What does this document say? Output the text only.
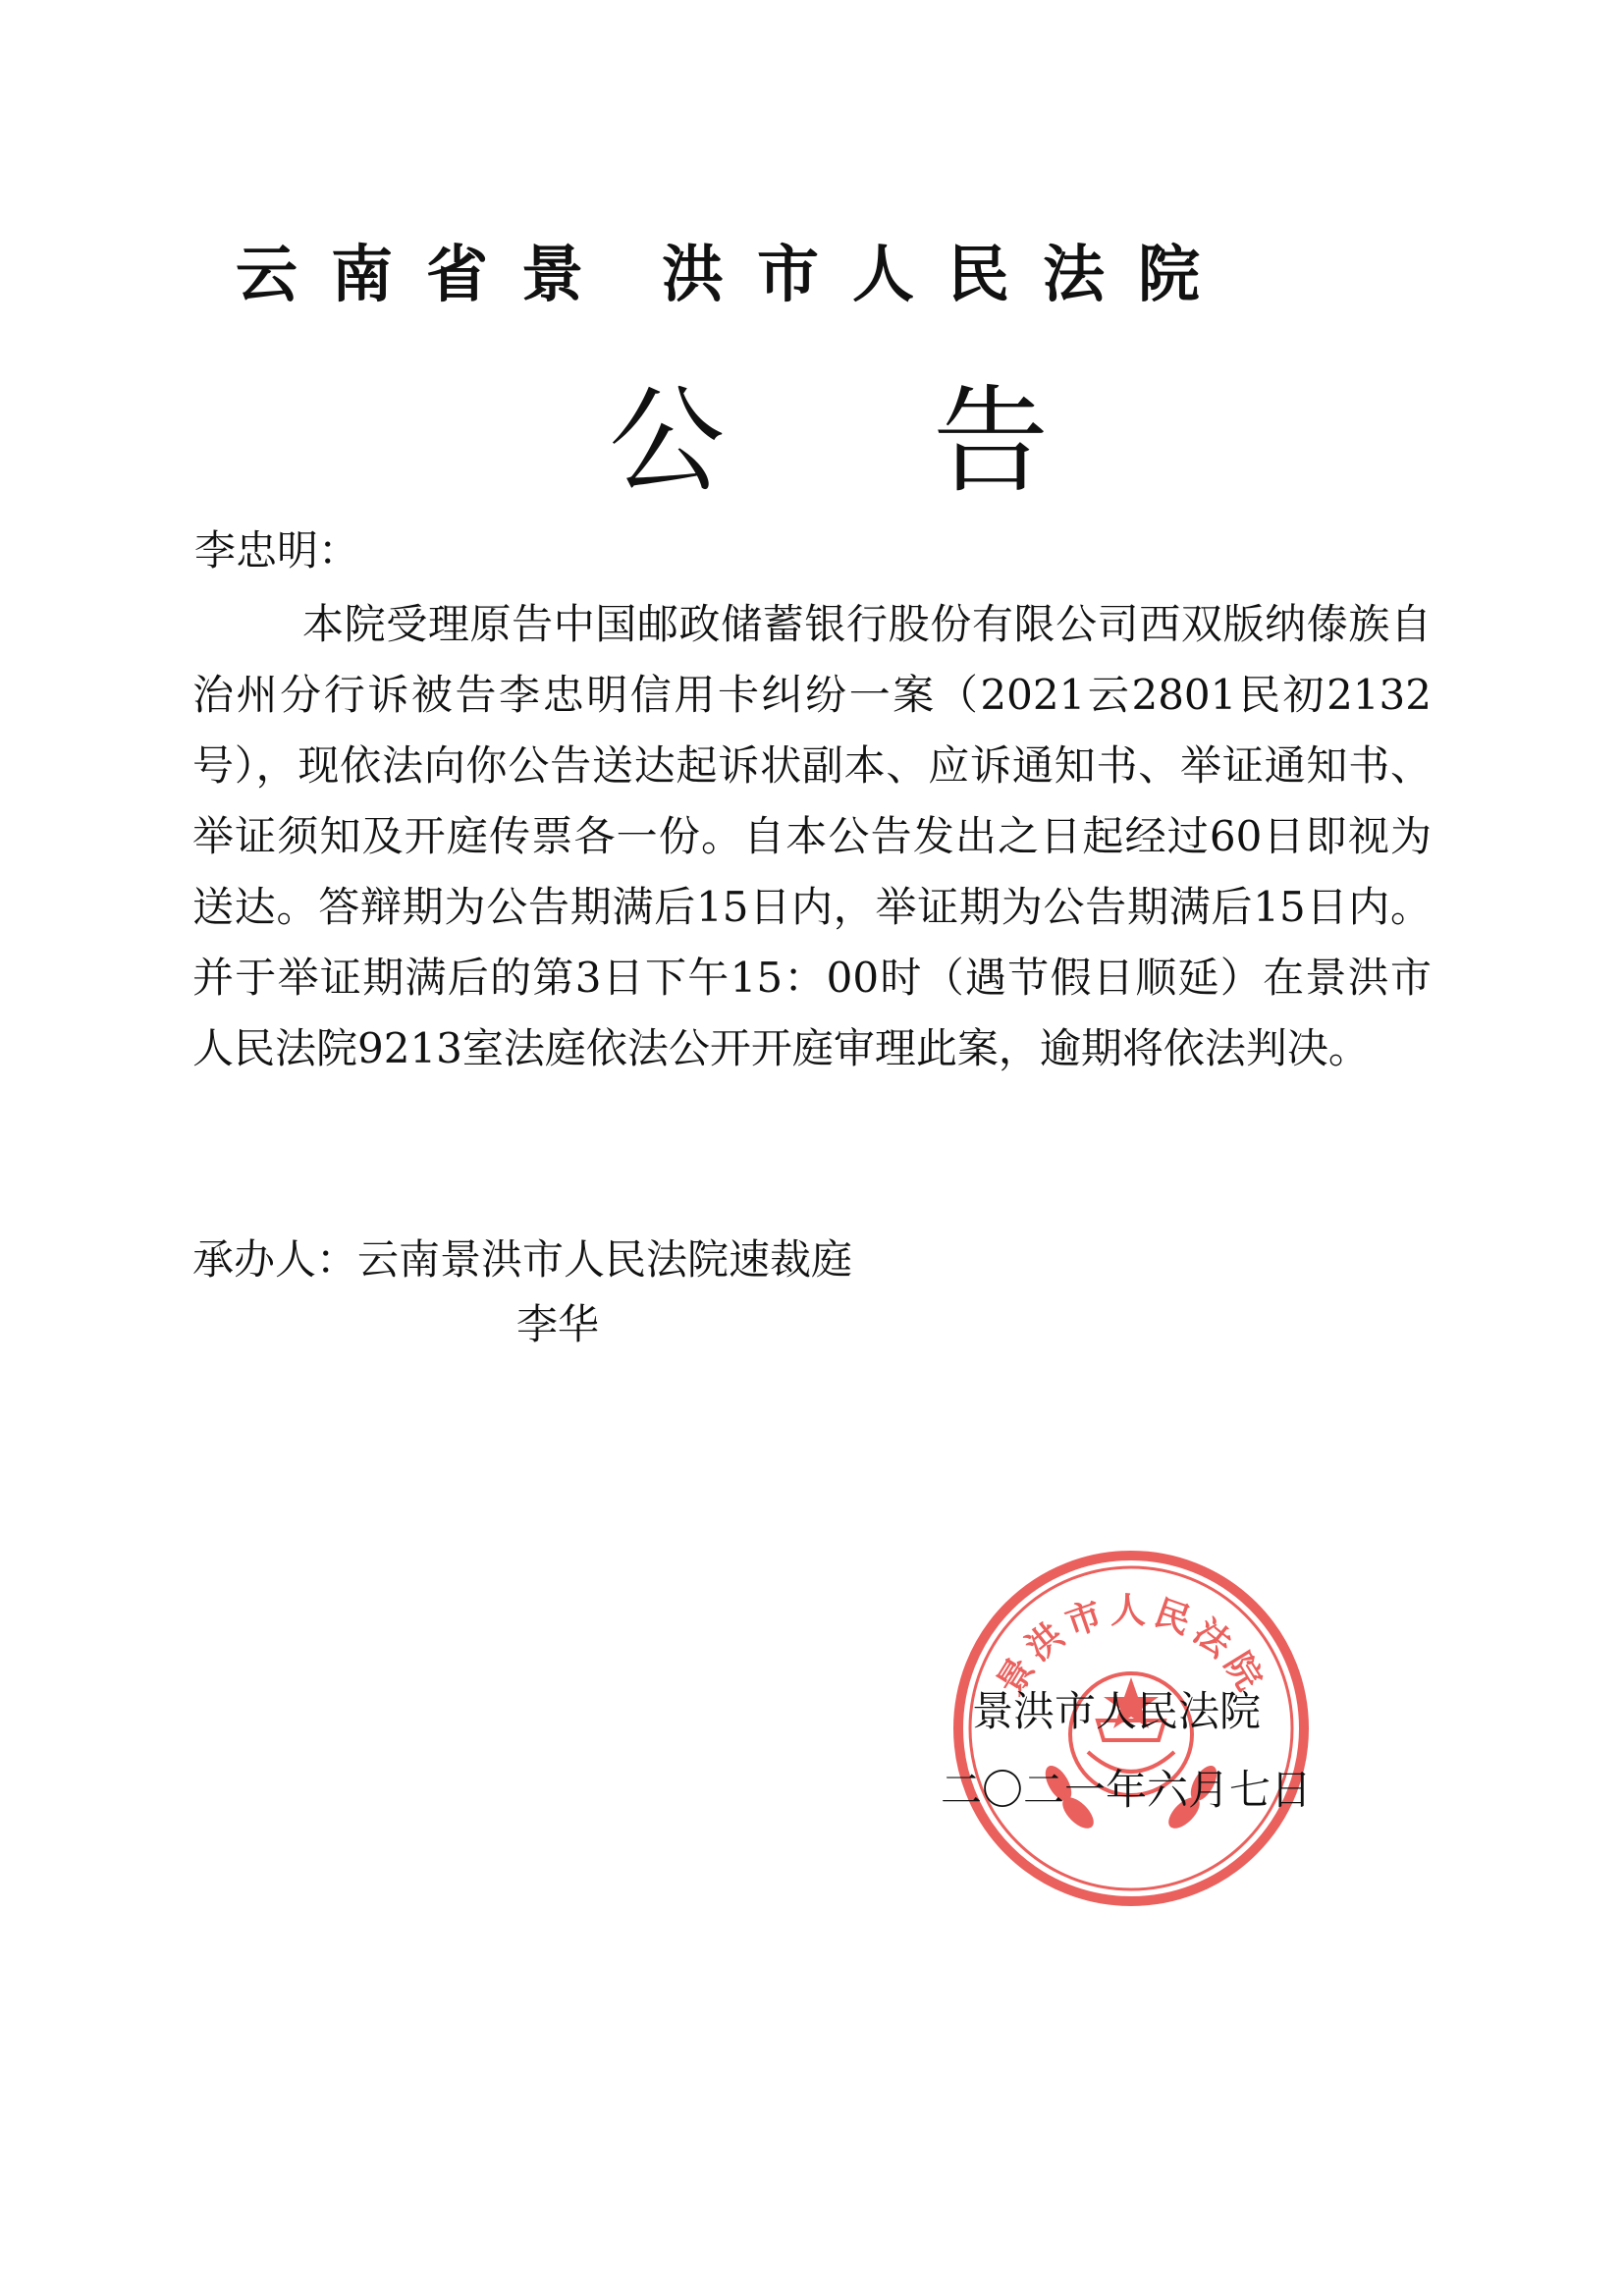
云南省景 洪市人民法院
公告
李忠明：

本院受理原告中国邮政储蓄银行股份有限公司西双版纳傣族自治州分行诉被告李忠明信用卡纠纷一案（2021云2801民初2132号），现依法向你公告送达起诉状副本、应诉通知书、举证通知书、举证须知及开庭传票各一份。自本公告发出之日起经过60日即视为送达。答辩期为公告期满后15日内，举证期为公告期满后15日内。并于举证期满后的第3日下午15：00时（遇节假日顺延）在景洪市人民法院9213室法庭依法公开开庭审理此案，逾期将依法判决。

承办人：云南景洪市人民法院速裁庭
李华
景洪市人民法院
景洪市人民法院
二〇二一年六月七日
